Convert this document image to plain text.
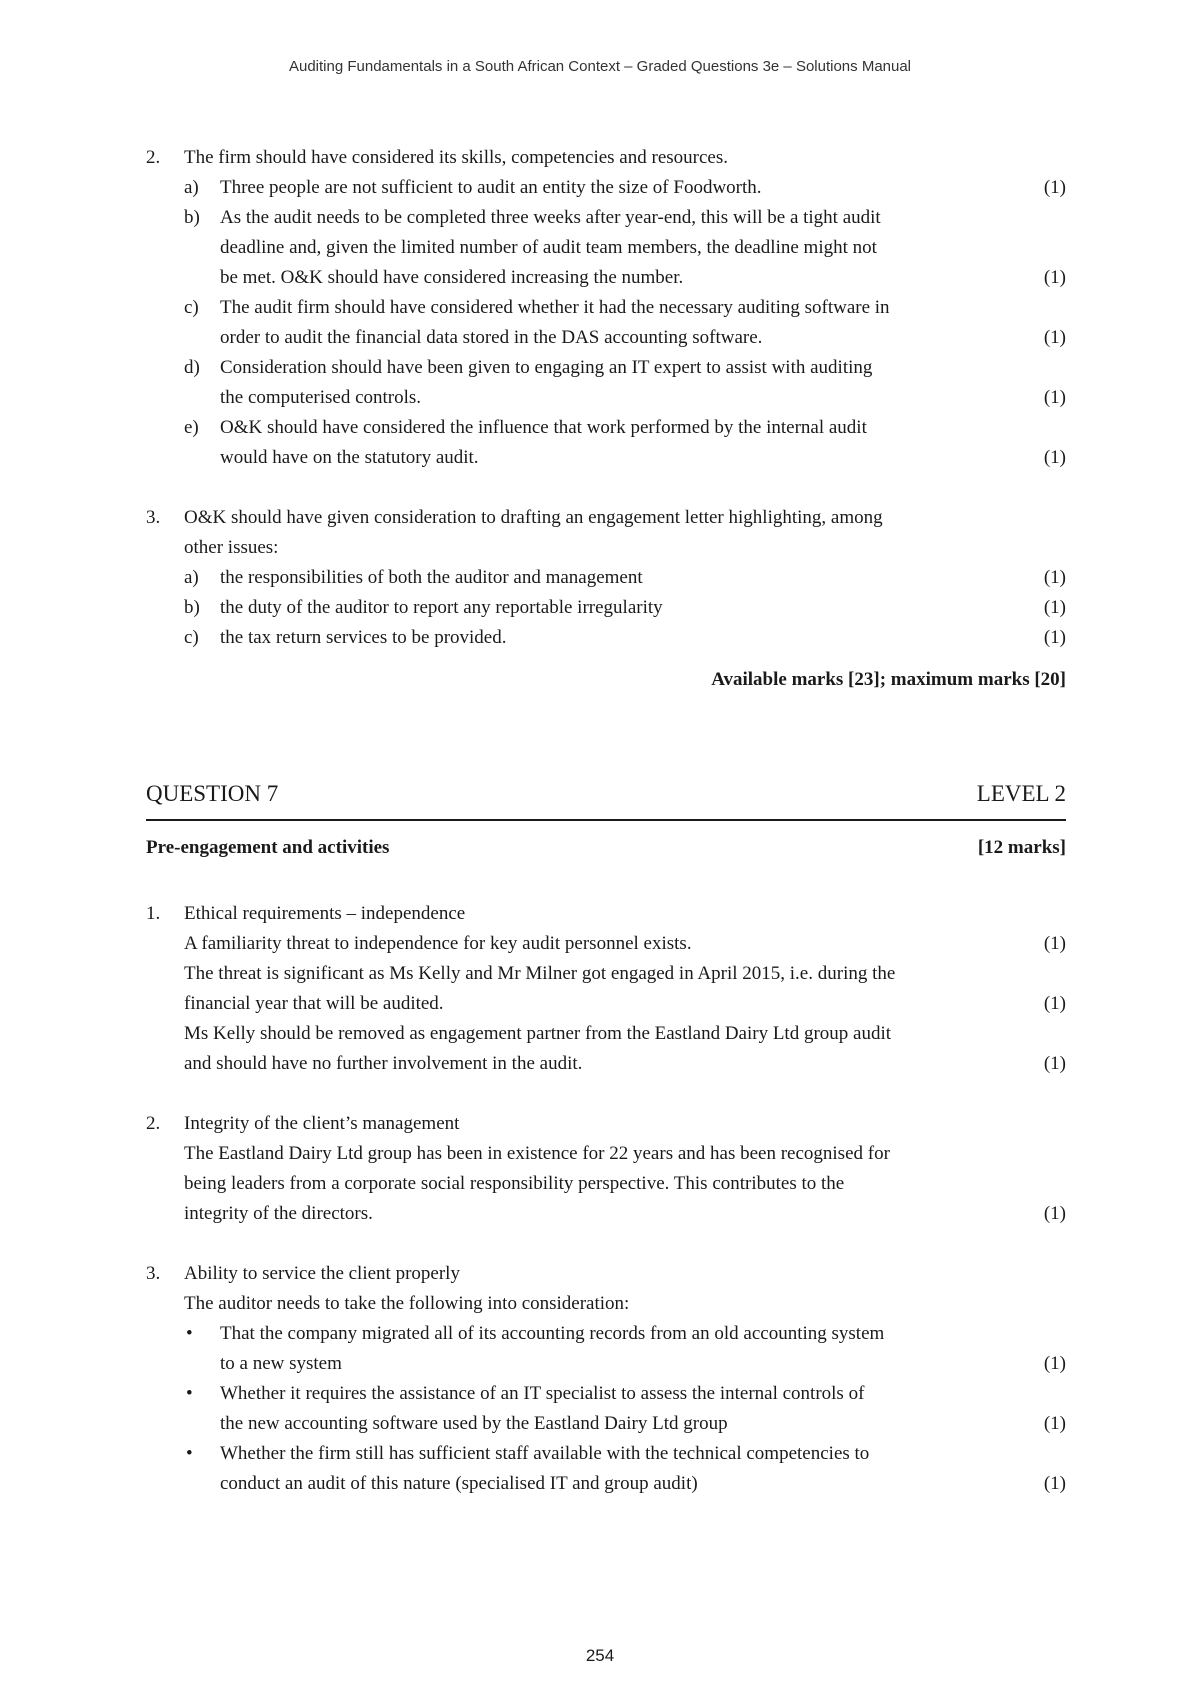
Auditing Fundamentals in a South African Context – Graded Questions 3e – Solutions Manual
2. The firm should have considered its skills, competencies and resources.
a) Three people are not sufficient to audit an entity the size of Foodworth.	(1)
b) As the audit needs to be completed three weeks after year-end, this will be a tight audit
deadline and, given the limited number of audit team members, the deadline might not
be met. O&K should have considered increasing the number.	(1)
c) The audit firm should have considered whether it had the necessary auditing software in
order to audit the financial data stored in the DAS accounting software.	(1)
d) Consideration should have been given to engaging an IT expert to assist with auditing
the computerised controls.	(1)
e) O&K should have considered the influence that work performed by the internal audit
would have on the statutory audit.	(1)
3. O&K should have given consideration to drafting an engagement letter highlighting, among
other issues:
a) the responsibilities of both the auditor and management	(1)
b) the duty of the auditor to report any reportable irregularity	(1)
c) the tax return services to be provided.	(1)
Available marks [23]; maximum marks [20]
QUESTION 7	LEVEL 2
Pre-engagement and activities	[12 marks]
1. Ethical requirements – independence
A familiarity threat to independence for key audit personnel exists.	(1)
The threat is significant as Ms Kelly and Mr Milner got engaged in April 2015, i.e. during the
financial year that will be audited.	(1)
Ms Kelly should be removed as engagement partner from the Eastland Dairy Ltd group audit
and should have no further involvement in the audit.	(1)
2. Integrity of the client’s management
The Eastland Dairy Ltd group has been in existence for 22 years and has been recognised for
being leaders from a corporate social responsibility perspective. This contributes to the
integrity of the directors.	(1)
3. Ability to service the client properly
The auditor needs to take the following into consideration:
• That the company migrated all of its accounting records from an old accounting system
to a new system	(1)
• Whether it requires the assistance of an IT specialist to assess the internal controls of
the new accounting software used by the Eastland Dairy Ltd group	(1)
• Whether the firm still has sufficient staff available with the technical competencies to
conduct an audit of this nature (specialised IT and group audit)	(1)
254
